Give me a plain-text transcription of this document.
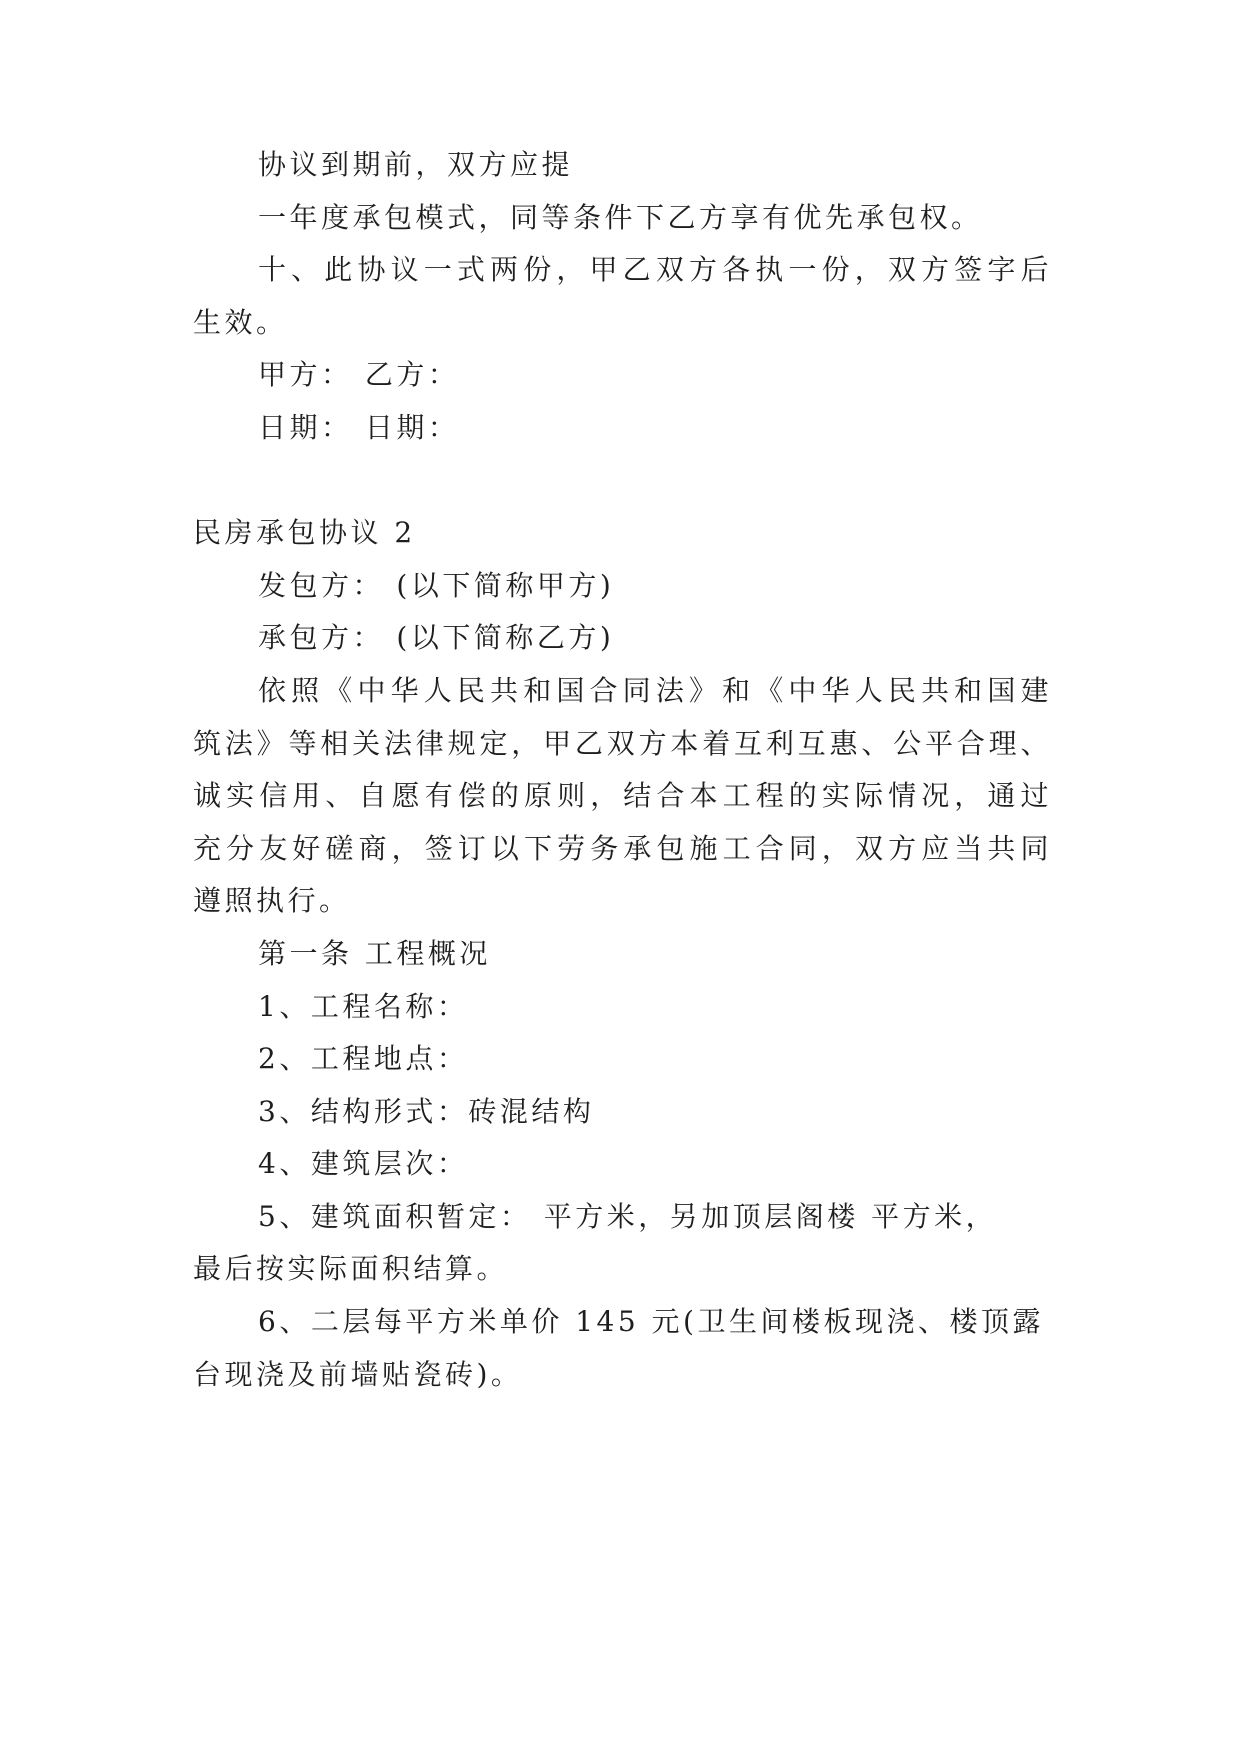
协议到期前，双方应提
一年度承包模式，同等条件下乙方享有优先承包权。
十、此协议一式两份，甲乙双方各执一份，双方签字后
生效。
甲方： 乙方：
日期： 日期：
民房承包协议 2
发包方： (以下简称甲方)
承包方： (以下简称乙方)
依照《中华人民共和国合同法》和《中华人民共和国建
筑法》等相关法律规定，甲乙双方本着互利互惠、公平合理、
诚实信用、自愿有偿的原则，结合本工程的实际情况，通过
充分友好磋商，签订以下劳务承包施工合同，双方应当共同
遵照执行。
第一条 工程概况
1、工程名称：
2、工程地点：
3、结构形式：砖混结构
4、建筑层次：
5、建筑面积暂定： 平方米，另加顶层阁楼 平方米，
最后按实际面积结算。
6、二层每平方米单价 145 元(卫生间楼板现浇、楼顶露
台现浇及前墙贴瓷砖)。
